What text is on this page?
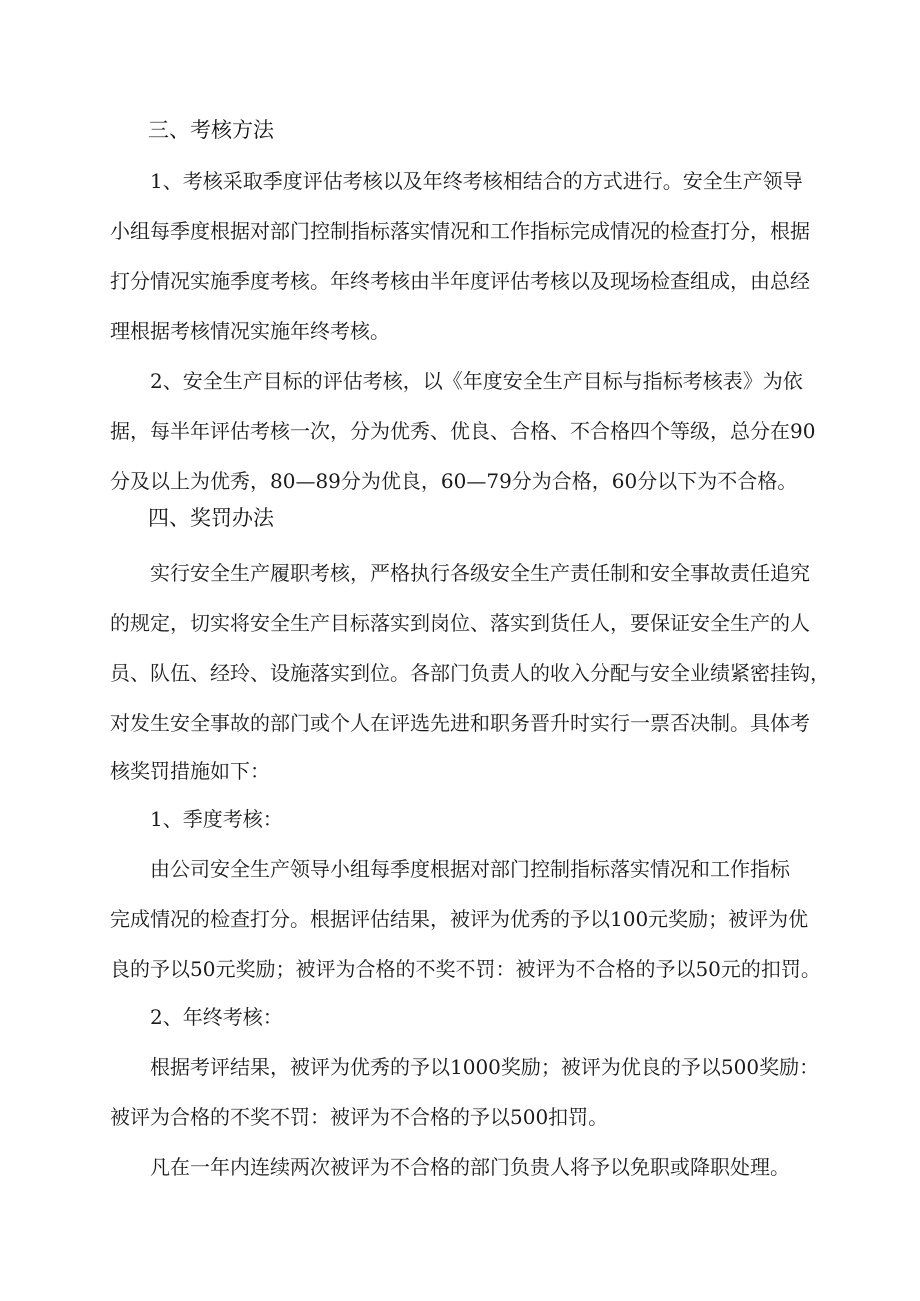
三、考核方法
1、考核采取季度评估考核以及年终考核相结合的方式进行。安全生产领导
小组每季度根据对部门控制指标落实情况和工作指标完成情况的检查打分，根据
打分情况实施季度考核。年终考核由半年度评估考核以及现场检查组成，由总经
理根据考核情况实施年终考核。
2、安全生产目标的评估考核，以《年度安全生产目标与指标考核表》为依
据，每半年评估考核一次，分为优秀、优良、合格、不合格四个等级，总分在90
分及以上为优秀，80—89分为优良，60—79分为合格，60分以下为不合格。
四、奖罚办法
实行安全生产履职考核，严格执行各级安全生产责任制和安全事故责任追究
的规定，切实将安全生产目标落实到岗位、落实到货任人，要保证安全生产的人
员、队伍、经玲、设施落实到位。各部门负责人的收入分配与安全业绩紧密挂钩，
对发生安全事故的部门或个人在评选先进和职务晋升时实行一票否决制。具体考
核奖罚措施如下：
1、季度考核：
由公司安全生产领导小组每季度根据对部门控制指标落实情况和工作指标
完成情况的检查打分。根据评估结果，被评为优秀的予以100元奖励；被评为优
良的予以50元奖励；被评为合格的不奖不罚：被评为不合格的予以50元的扣罚。
2、年终考核：
根据考评结果，被评为优秀的予以1000奖励；被评为优良的予以500奖励：
被评为合格的不奖不罚：被评为不合格的予以500扣罚。
凡在一年内连续两次被评为不合格的部门负贵人将予以免职或降职处理。
